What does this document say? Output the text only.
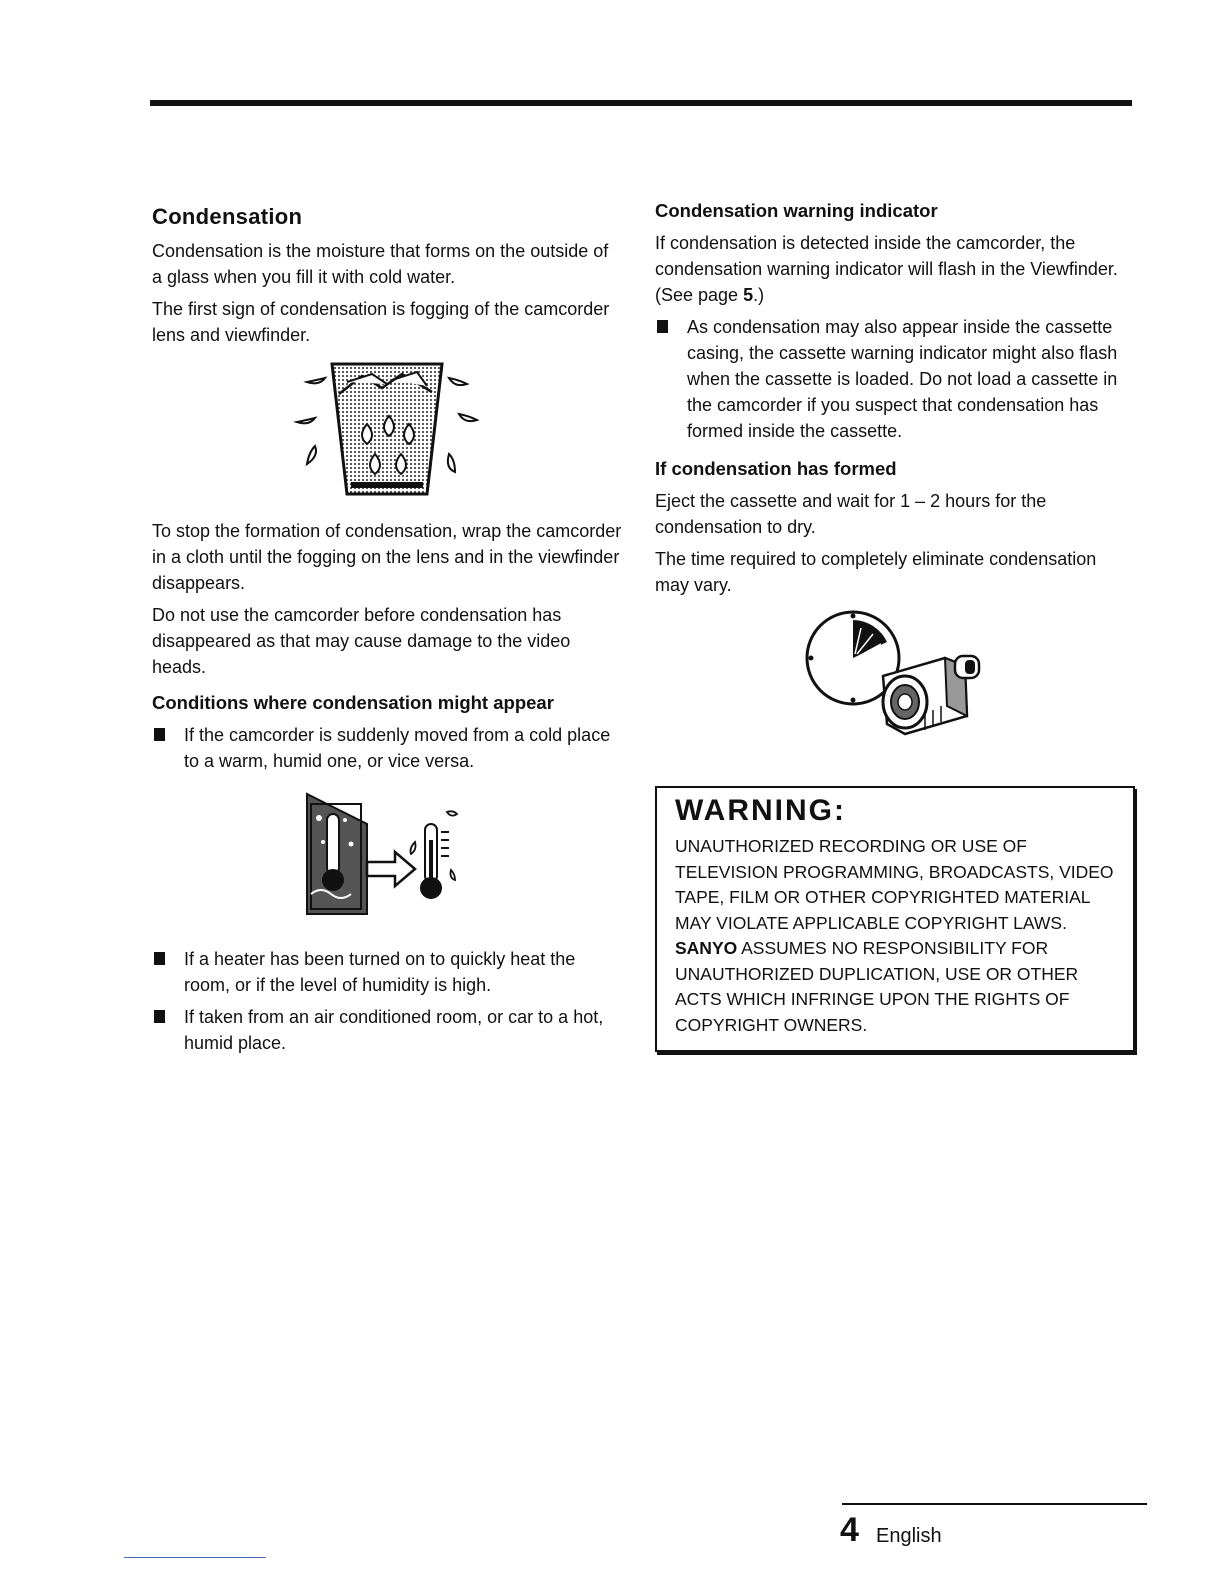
Condensation

Condensation is the moisture that forms on the outside of a glass when you fill it with cold water.

The first sign of condensation is fogging of the camcorder lens and viewfinder.

To stop the formation of condensation, wrap the camcorder in a cloth until the fogging on the lens and in the viewfinder disappears.

Do not use the camcorder before condensation has disappeared as that may cause damage to the video heads.

Conditions where condensation might appear
If the camcorder is suddenly moved from a cold place to a warm, humid one, or vice versa.
If a heater has been turned on to quickly heat the room, or if the level of humidity is high.
If taken from an air conditioned room, or car to a hot, humid place.
Condensation warning indicator

If condensation is detected inside the camcorder, the condensation warning indicator will flash in the Viewfinder. (See page 5.)

As condensation may also appear inside the cassette casing, the cassette warning indicator might also flash when the cassette is loaded. Do not load a cassette in the camcorder if you suspect that condensation has formed inside the cassette.
If condensation has formed

Eject the cassette and wait for 1 – 2 hours for the condensation to dry.

The time required to completely eliminate condensation may vary.

WARNING:

UNAUTHORIZED RECORDING OR USE OF TELEVISION PROGRAMMING, BROADCASTS, VIDEO TAPE, FILM OR OTHER COPYRIGHTED MATERIAL MAY VIOLATE APPLICABLE COPYRIGHT LAWS. SANYO ASSUMES NO RESPONSIBILITY FOR UNAUTHORIZED DUPLICATION, USE OR OTHER ACTS WHICH INFRINGE UPON THE RIGHTS OF COPYRIGHT OWNERS.

4 English
